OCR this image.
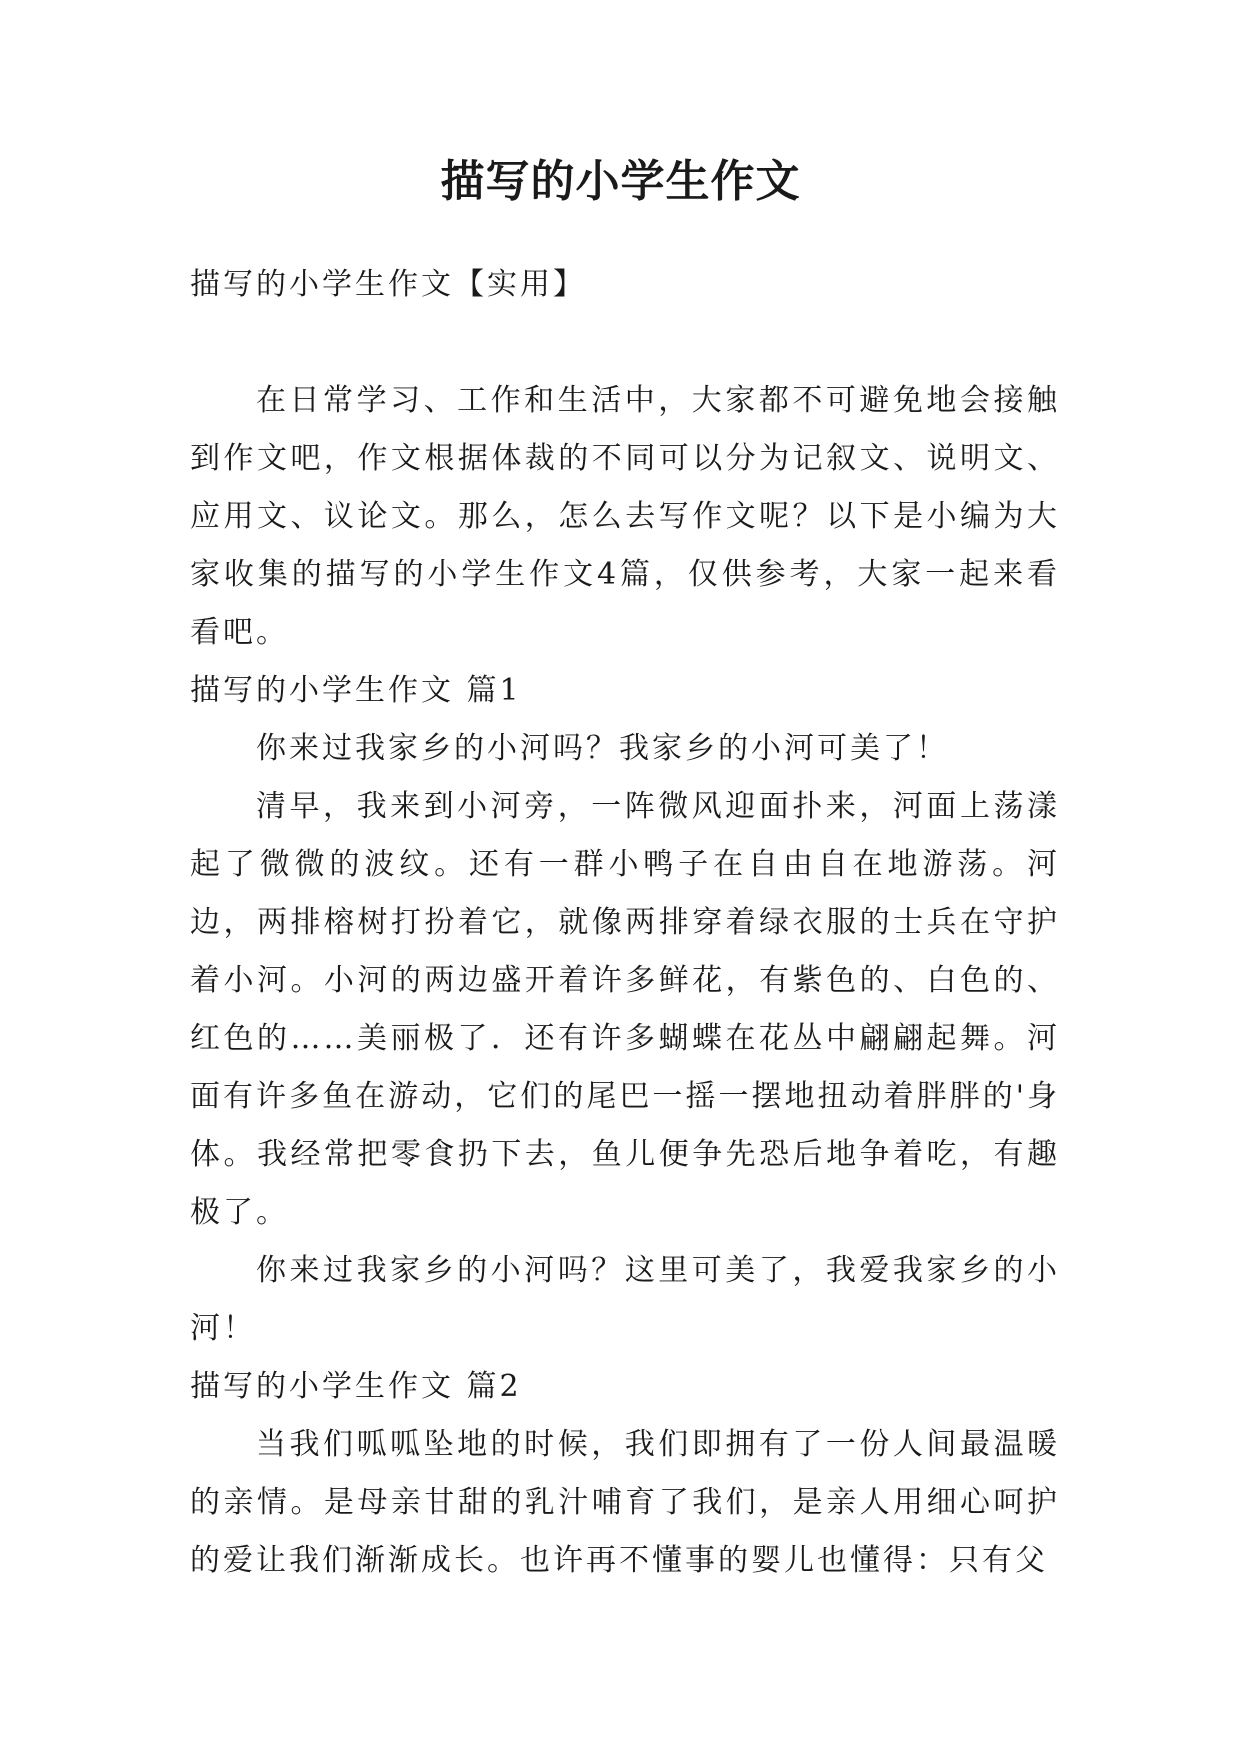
描写的小学生作文

描写的小学生作文【实用】

在日常学习、工作和生活中，大家都不可避免地会接触到作文吧，作文根据体裁的不同可以分为记叙文、说明文、应用文、议论文。那么，怎么去写作文呢？以下是小编为大家收集的描写的小学生作文4篇，仅供参考，大家一起来看看吧。

描写的小学生作文 篇1

你来过我家乡的小河吗？我家乡的小河可美了！

清早，我来到小河旁，一阵微风迎面扑来，河面上荡漾起了微微的波纹。还有一群小鸭子在自由自在地游荡。河边，两排榕树打扮着它，就像两排穿着绿衣服的士兵在守护着小河。小河的两边盛开着许多鲜花，有紫色的、白色的、红色的……美丽极了．还有许多蝴蝶在花丛中翩翩起舞。河面有许多鱼在游动，它们的尾巴一摇一摆地扭动着胖胖的'身体。我经常把零食扔下去，鱼儿便争先恐后地争着吃，有趣极了。

你来过我家乡的小河吗？这里可美了，我爱我家乡的小河！

描写的小学生作文 篇2

当我们呱呱坠地的时候，我们即拥有了一份人间最温暖的亲情。是母亲甘甜的乳汁哺育了我们，是亲人用细心呵护的爱让我们渐渐成长。也许再不懂事的婴儿也懂得：只有父
